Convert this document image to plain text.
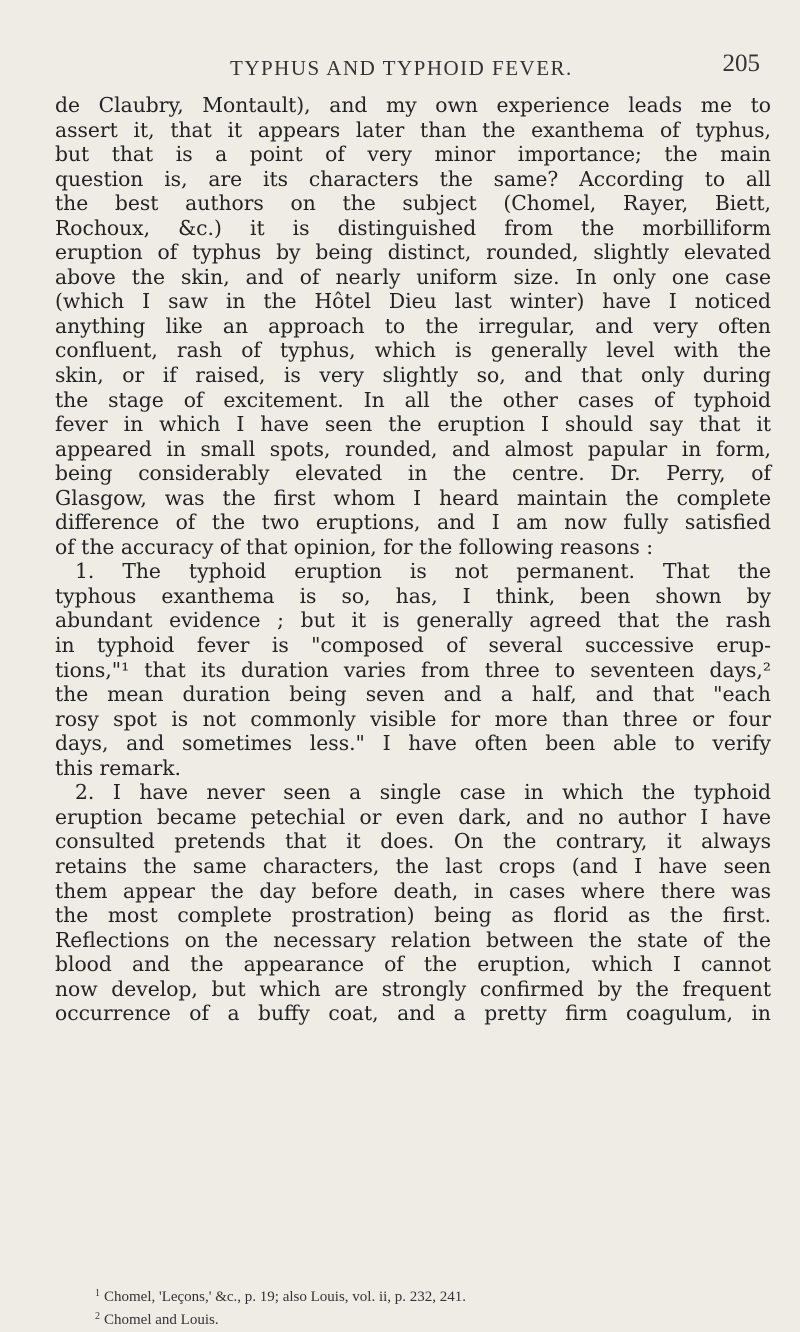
TYPHUS AND TYPHOID FEVER.	205
de Claubry, Montault), and my own experience leads me to
assert it, that it appears later than the exanthema of typhus,
but that is a point of very minor importance; the main
question is, are its characters the same? According to all
the best authors on the subject (Chomel, Rayer, Biett,
Rochoux, &c.) it is distinguished from the morbilliform
eruption of typhus by being distinct, rounded, slightly elevated
above the skin, and of nearly uniform size. In only one case
(which I saw in the Hôtel Dieu last winter) have I noticed
anything like an approach to the irregular, and very often
confluent, rash of typhus, which is generally level with the
skin, or if raised, is very slightly so, and that only during
the stage of excitement. In all the other cases of typhoid
fever in which I have seen the eruption I should say that it
appeared in small spots, rounded, and almost papular in form,
being considerably elevated in the centre. Dr. Perry, of
Glasgow, was the first whom I heard maintain the complete
difference of the two eruptions, and I am now fully satisfied
of the accuracy of that opinion, for the following reasons :
1. The typhoid eruption is not permanent. That the
typhous exanthema is so, has, I think, been shown by
abundant evidence ; but it is generally agreed that the rash
in typhoid fever is "composed of several successive erup-
tions,"¹ that its duration varies from three to seventeen days,²
the mean duration being seven and a half, and that "each
rosy spot is not commonly visible for more than three or four
days, and sometimes less." I have often been able to verify
this remark.
2. I have never seen a single case in which the typhoid
eruption became petechial or even dark, and no author I have
consulted pretends that it does. On the contrary, it always
retains the same characters, the last crops (and I have seen
them appear the day before death, in cases where there was
the most complete prostration) being as florid as the first.
Reflections on the necessary relation between the state of the
blood and the appearance of the eruption, which I cannot
now develop, but which are strongly confirmed by the frequent
occurrence of a buffy coat, and a pretty firm coagulum, in
$^1$ Chomel, 'Leçons,' &c., p. 19; also Louis, vol. ii, p. 232, 241.
$^2$ Chomel and Louis.
